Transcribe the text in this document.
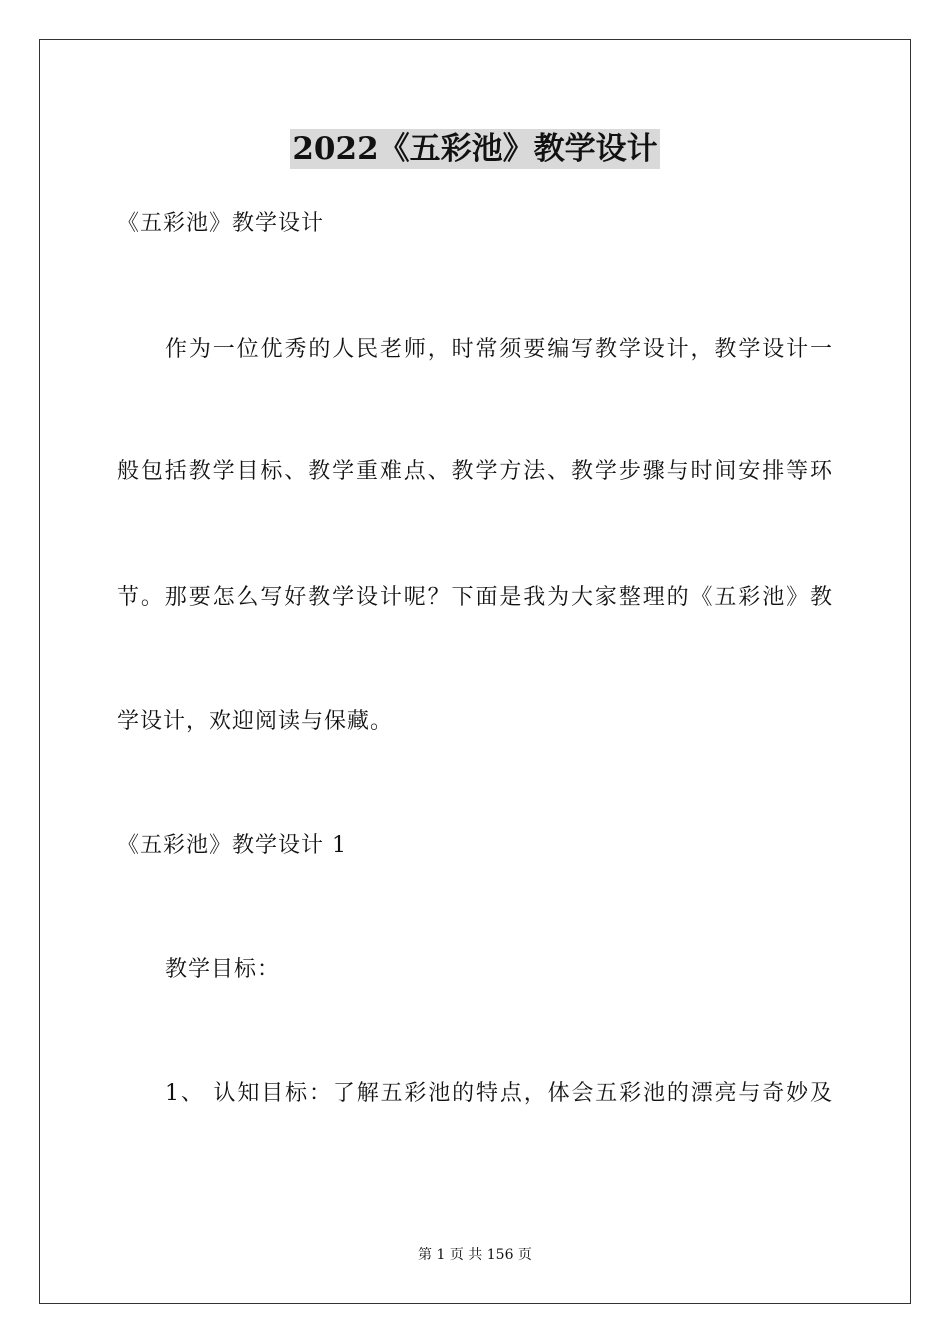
2022《五彩池》教学设计
《五彩池》教学设计
作为一位优秀的人民老师，时常须要编写教学设计，教学设计一
般包括教学目标、教学重难点、教学方法、教学步骤与时间安排等环
节。那要怎么写好教学设计呢？下面是我为大家整理的《五彩池》教
学设计，欢迎阅读与保藏。
《五彩池》教学设计 1
教学目标：
1、 认知目标：了解五彩池的特点，体会五彩池的漂亮与奇妙及
第 1 页 共 156 页
